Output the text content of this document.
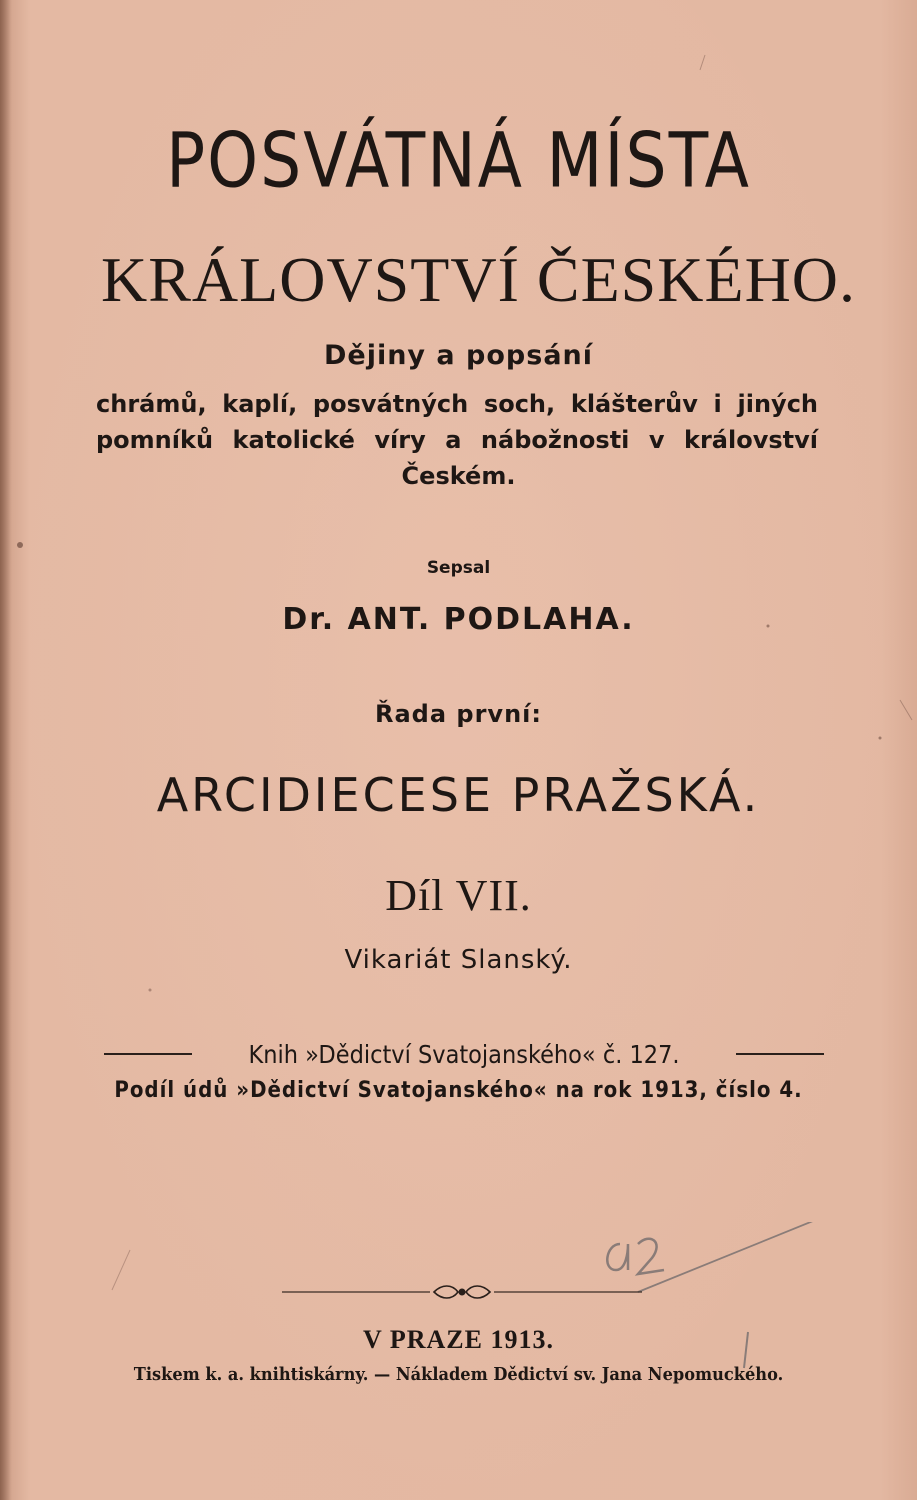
POSVÁTNÁ MÍSTA
KRÁLOVSTVÍ ČESKÉHO.
Dějiny a popsání
chrámů, kaplí, posvátných soch, klášterův i jiných
pomníků katolické víry a nábožnosti v království
Českém.
Sepsal
Dr. ANT. PODLAHA.
Řada první:
ARCIDIECESE PRAŽSKÁ.
Díl VII.
Vikariát Slanský.
Knih »Dědictví Svatojanského« č. 127.
Podíl údů »Dědictví Svatojanského« na rok 1913, číslo 4.
V PRAZE 1913.
Tiskem k. a. knihtiskárny. — Nákladem Dědictví sv. Jana Nepomuckého.
